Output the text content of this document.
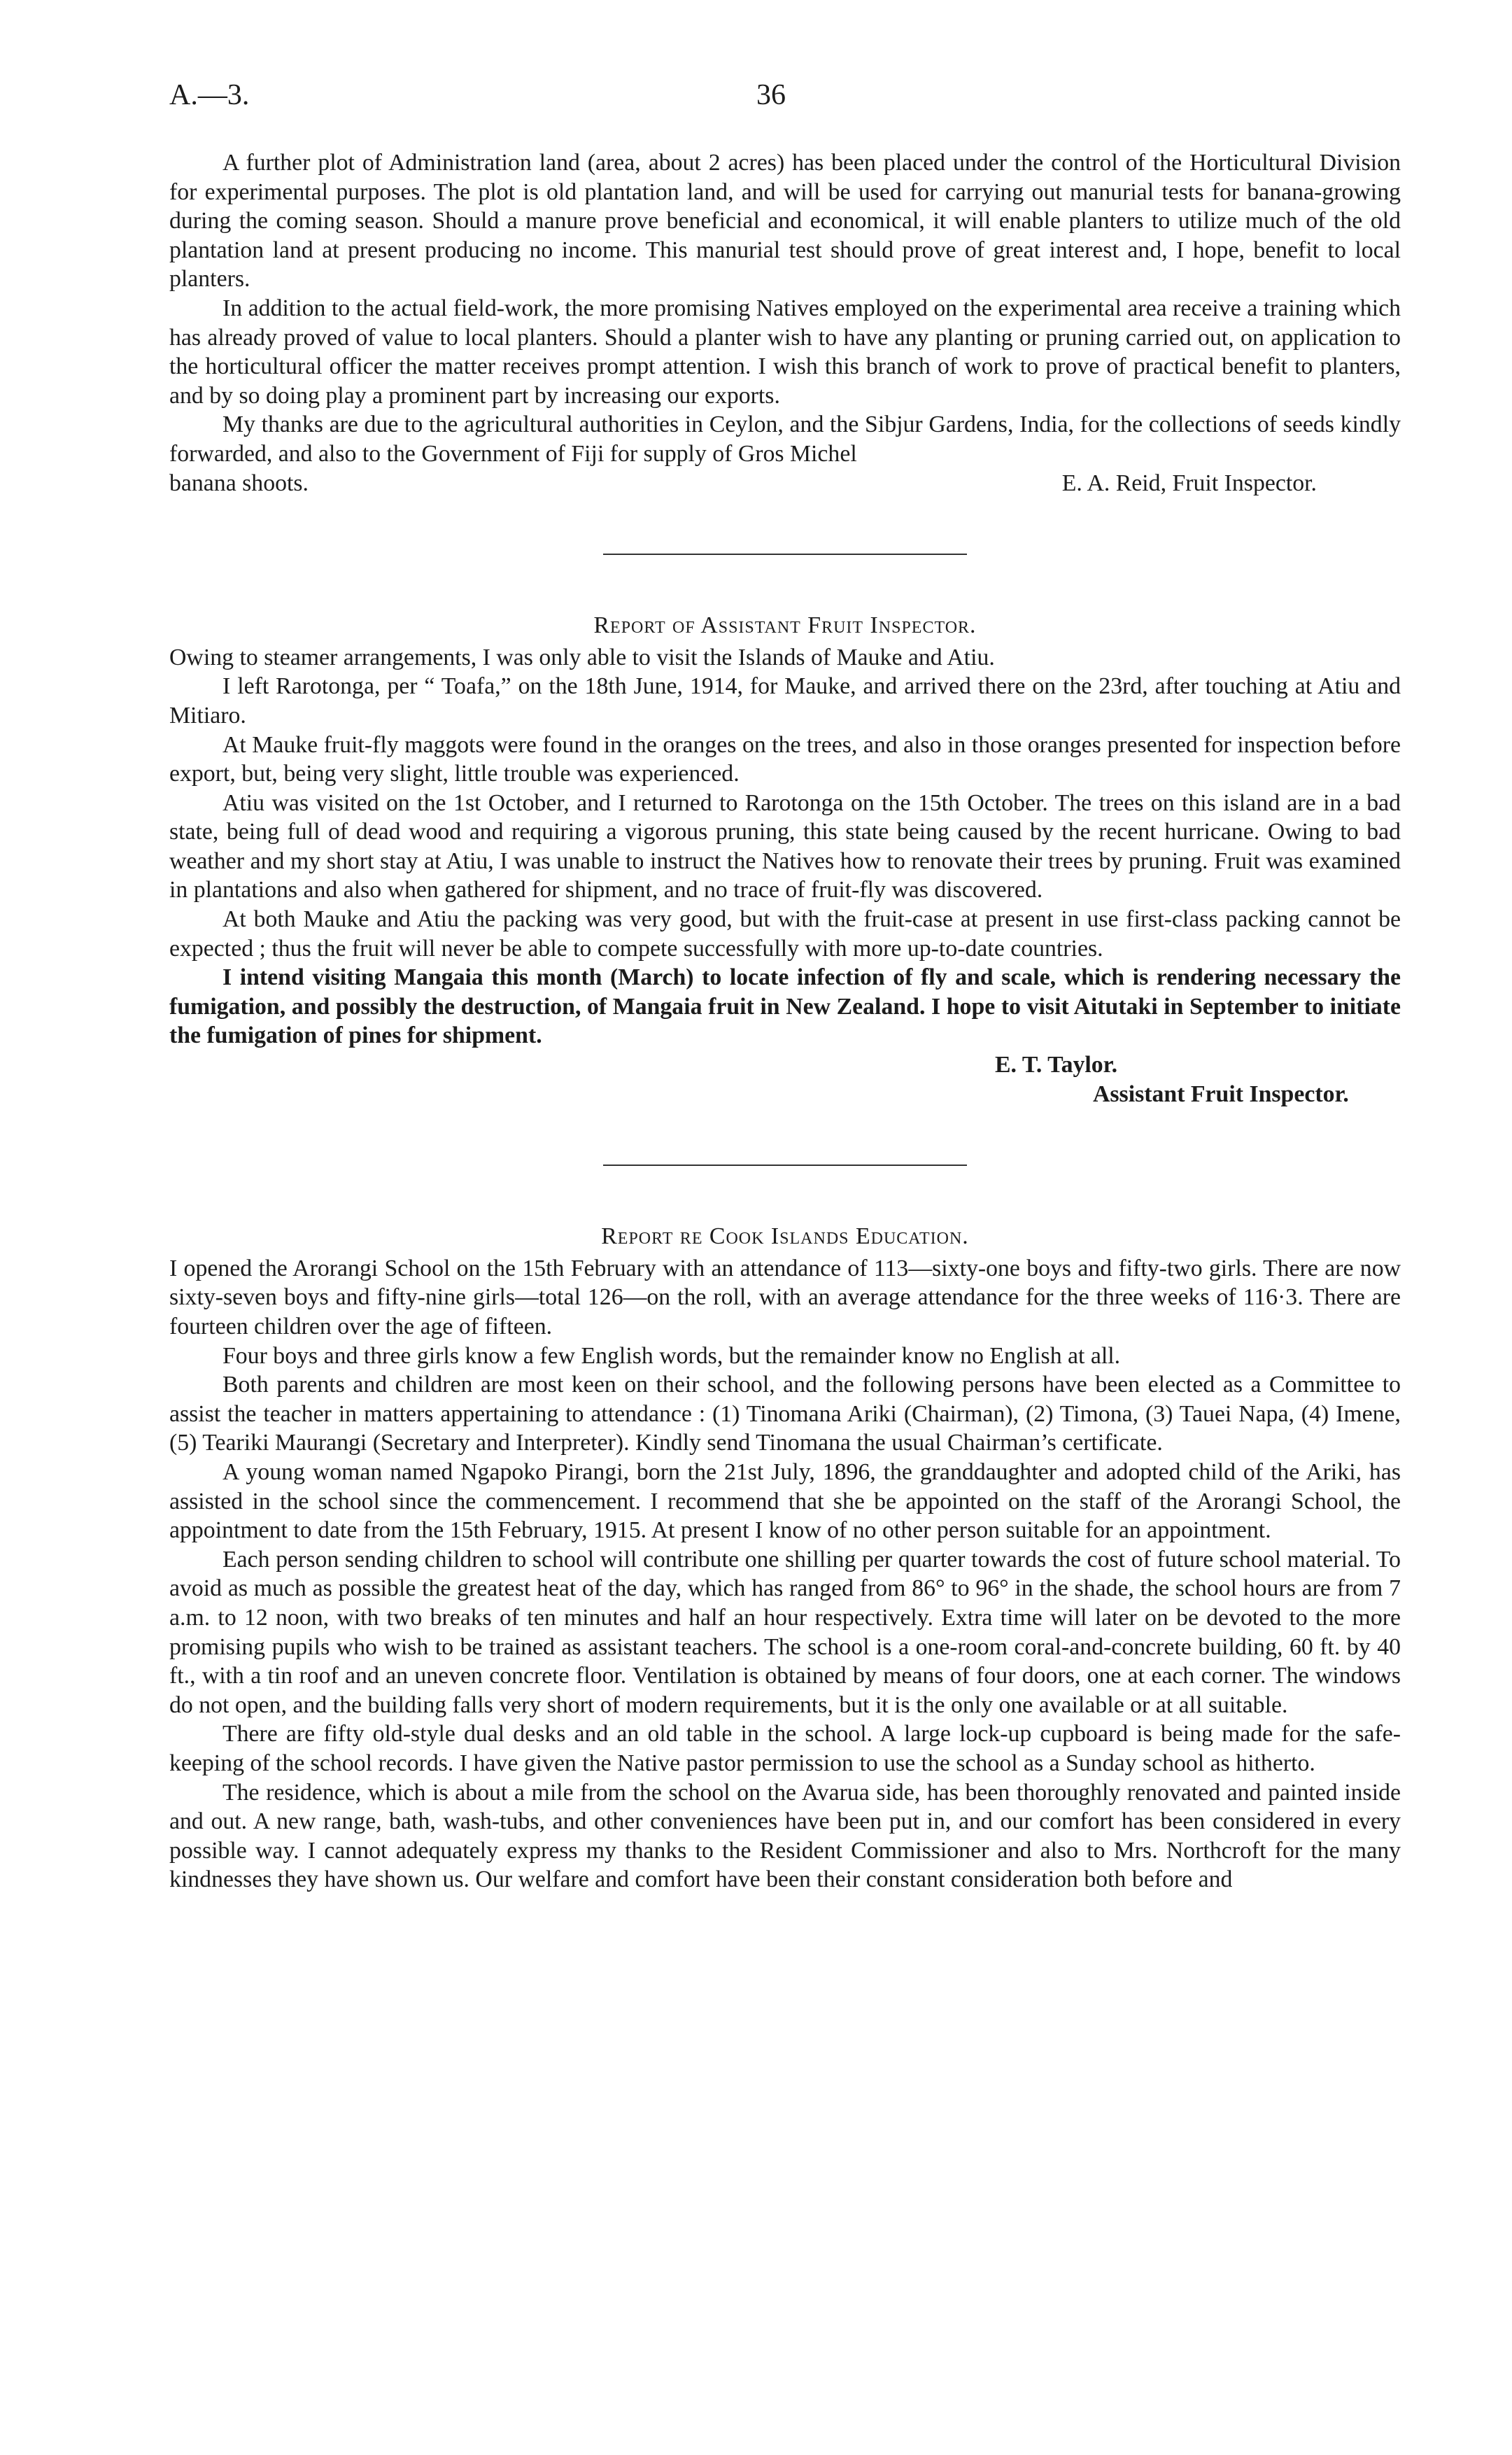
A.—3.	36

A further plot of Administration land (area, about 2 acres) has been placed under the control of the Horticultural Division for experimental purposes. The plot is old plantation land, and will be used for carrying out manurial tests for banana-growing during the coming season. Should a manure prove beneficial and economical, it will enable planters to utilize much of the old plantation land at present producing no income. This manurial test should prove of great interest and, I hope, benefit to local planters.

In addition to the actual field-work, the more promising Natives employed on the experimental area receive a training which has already proved of value to local planters. Should a planter wish to have any planting or pruning carried out, on application to the horticultural officer the matter receives prompt attention. I wish this branch of work to prove of practical benefit to planters, and by so doing play a prominent part by increasing our exports.

My thanks are due to the agricultural authorities in Ceylon, and the Sibjur Gardens, India, for the collections of seeds kindly forwarded, and also to the Government of Fiji for supply of Gros Michel

banana shoots.	E. A. Reid, Fruit Inspector.
Report of Assistant Fruit Inspector.

Owing to steamer arrangements, I was only able to visit the Islands of Mauke and Atiu.

I left Rarotonga, per “ Toafa,” on the 18th June, 1914, for Mauke, and arrived there on the 23rd, after touching at Atiu and Mitiaro.

At Mauke fruit-fly maggots were found in the oranges on the trees, and also in those oranges presented for inspection before export, but, being very slight, little trouble was experienced.

Atiu was visited on the 1st October, and I returned to Rarotonga on the 15th October. The trees on this island are in a bad state, being full of dead wood and requiring a vigorous pruning, this state being caused by the recent hurricane. Owing to bad weather and my short stay at Atiu, I was unable to instruct the Natives how to renovate their trees by pruning. Fruit was examined in plantations and also when gathered for shipment, and no trace of fruit-fly was discovered.

At both Mauke and Atiu the packing was very good, but with the fruit-case at present in use first-class packing cannot be expected ; thus the fruit will never be able to compete successfully with more up-to-date countries.

I intend visiting Mangaia this month (March) to locate infection of fly and scale, which is rendering necessary the fumigation, and possibly the destruction, of Mangaia fruit in New Zealand. I hope to visit Aitutaki in September to initiate the fumigation of pines for shipment.

E. T. Taylor.
Assistant Fruit Inspector.
Report re Cook Islands Education.

I opened the Arorangi School on the 15th February with an attendance of 113—sixty-one boys and fifty-two girls. There are now sixty-seven boys and fifty-nine girls—total 126—on the roll, with an average attendance for the three weeks of 116·3. There are fourteen children over the age of fifteen.

Four boys and three girls know a few English words, but the remainder know no English at all.

Both parents and children are most keen on their school, and the following persons have been elected as a Committee to assist the teacher in matters appertaining to attendance : (1) Tinomana Ariki (Chairman), (2) Timona, (3) Tauei Napa, (4) Imene, (5) Teariki Maurangi (Secretary and Interpreter). Kindly send Tinomana the usual Chairman’s certificate.

A young woman named Ngapoko Pirangi, born the 21st July, 1896, the granddaughter and adopted child of the Ariki, has assisted in the school since the commencement. I recommend that she be appointed on the staff of the Arorangi School, the appointment to date from the 15th February, 1915. At present I know of no other person suitable for an appointment.

Each person sending children to school will contribute one shilling per quarter towards the cost of future school material. To avoid as much as possible the greatest heat of the day, which has ranged from 86° to 96° in the shade, the school hours are from 7 a.m. to 12 noon, with two breaks of ten minutes and half an hour respectively. Extra time will later on be devoted to the more promising pupils who wish to be trained as assistant teachers. The school is a one-room coral-and-concrete building, 60 ft. by 40 ft., with a tin roof and an uneven concrete floor. Ventilation is obtained by means of four doors, one at each corner. The windows do not open, and the building falls very short of modern requirements, but it is the only one available or at all suitable.

There are fifty old-style dual desks and an old table in the school. A large lock-up cupboard is being made for the safe-keeping of the school records. I have given the Native pastor permission to use the school as a Sunday school as hitherto.

The residence, which is about a mile from the school on the Avarua side, has been thoroughly renovated and painted inside and out. A new range, bath, wash-tubs, and other conveniences have been put in, and our comfort has been considered in every possible way. I cannot adequately express my thanks to the Resident Commissioner and also to Mrs. Northcroft for the many kindnesses they have shown us. Our welfare and comfort have been their constant consideration both before and
